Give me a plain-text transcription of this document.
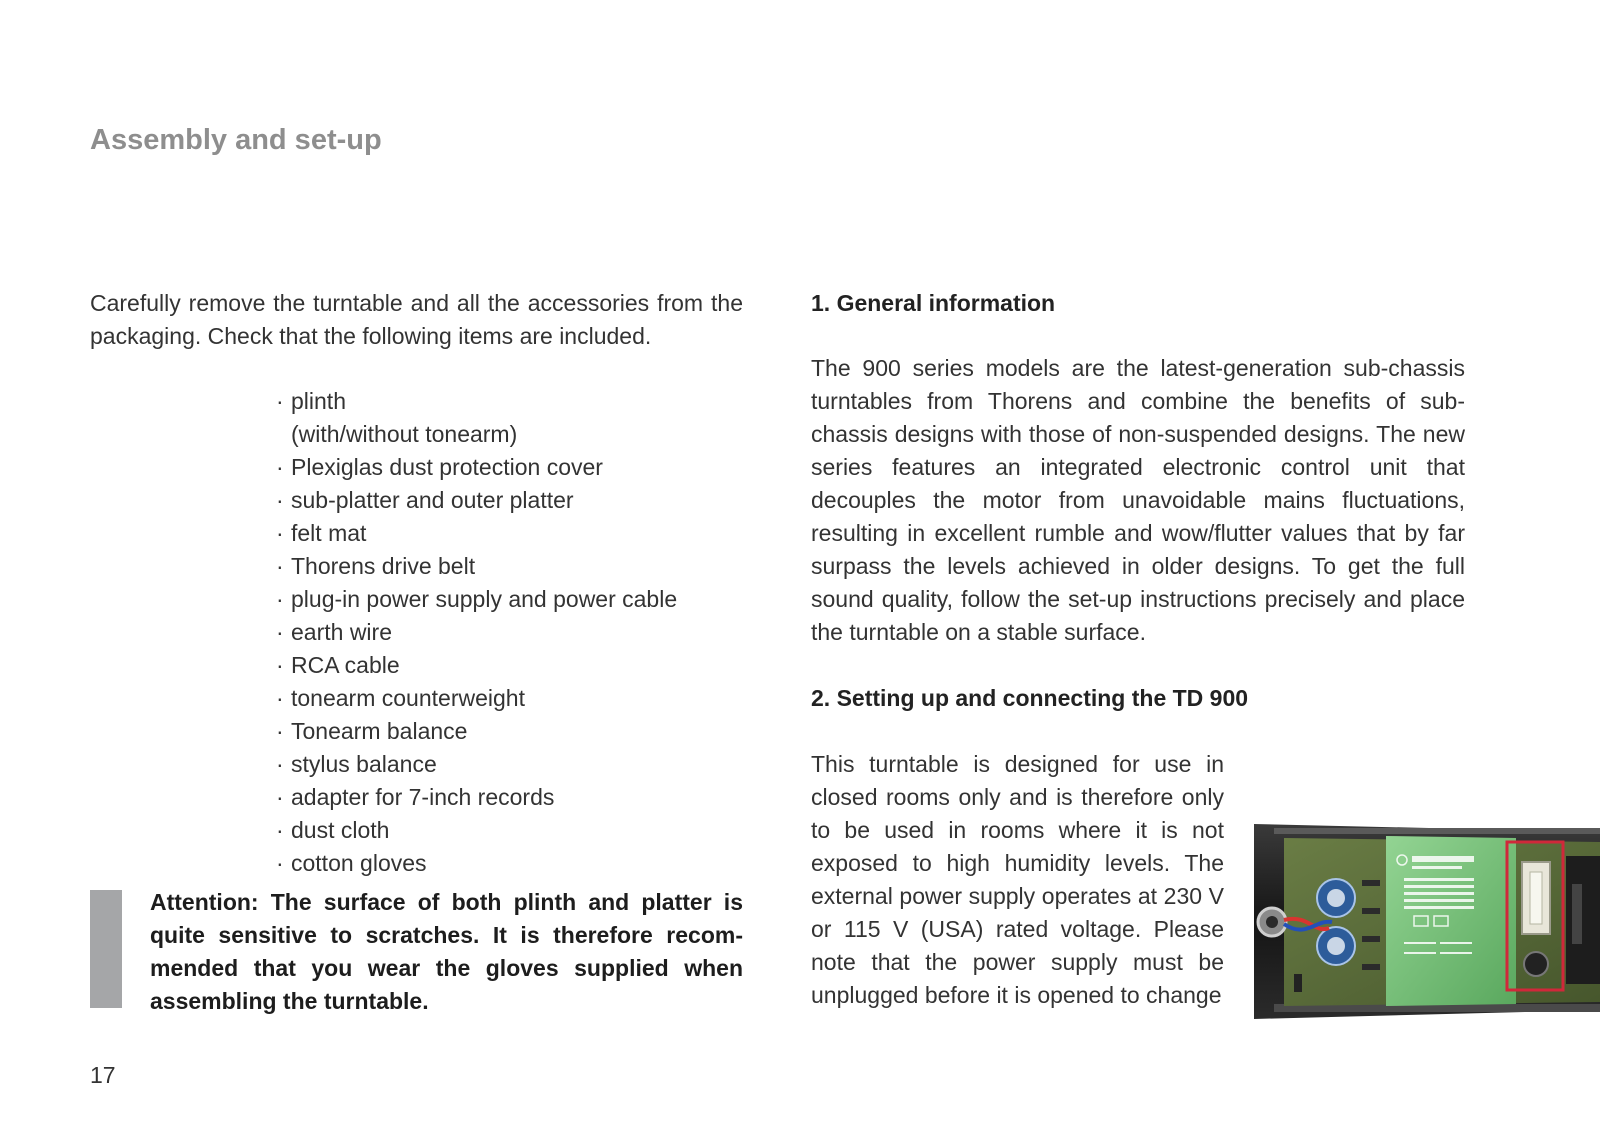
Assembly and set-up

Carefully remove the turntable and all the accessories from the packaging. Check that the following items are included.

· plinth
(with/without tonearm)
· Plexiglas dust protection cover
· sub-platter and outer platter
· felt mat
· Thorens drive belt
· plug-in power supply and power cable
· earth wire
· RCA cable
· tonearm counterweight
· Tonearm balance
· stylus balance
· adapter for 7-inch records
· dust cloth
· cotton gloves

Attention: The surface of both plinth and platter is quite sensitive to scratches. It is therefore recom-mended that you wear the gloves supplied when assembling the turntable.

1. General information

The 900 series models are the latest-generation sub-chassis turntables from Thorens and combine the benefits of sub-chassis designs with those of non-suspended designs. The new series features an integrated electronic control unit that decouples the motor from unavoidable mains fluctuations, resulting in excellent rumble and wow/flutter values that by far surpass the levels achieved in older designs. To get the full sound quality, follow the set-up instructions precisely and place the turntable on a stable surface.

2. Setting up and connecting the TD 900

This turntable is designed for use in closed rooms only and is therefore only to be used in rooms where it is not exposed to high humidity levels. The external power supply operates at 230 V or 115 V (USA) rated voltage. Please note that the power supply must be unplugged before it is opened to change

17
